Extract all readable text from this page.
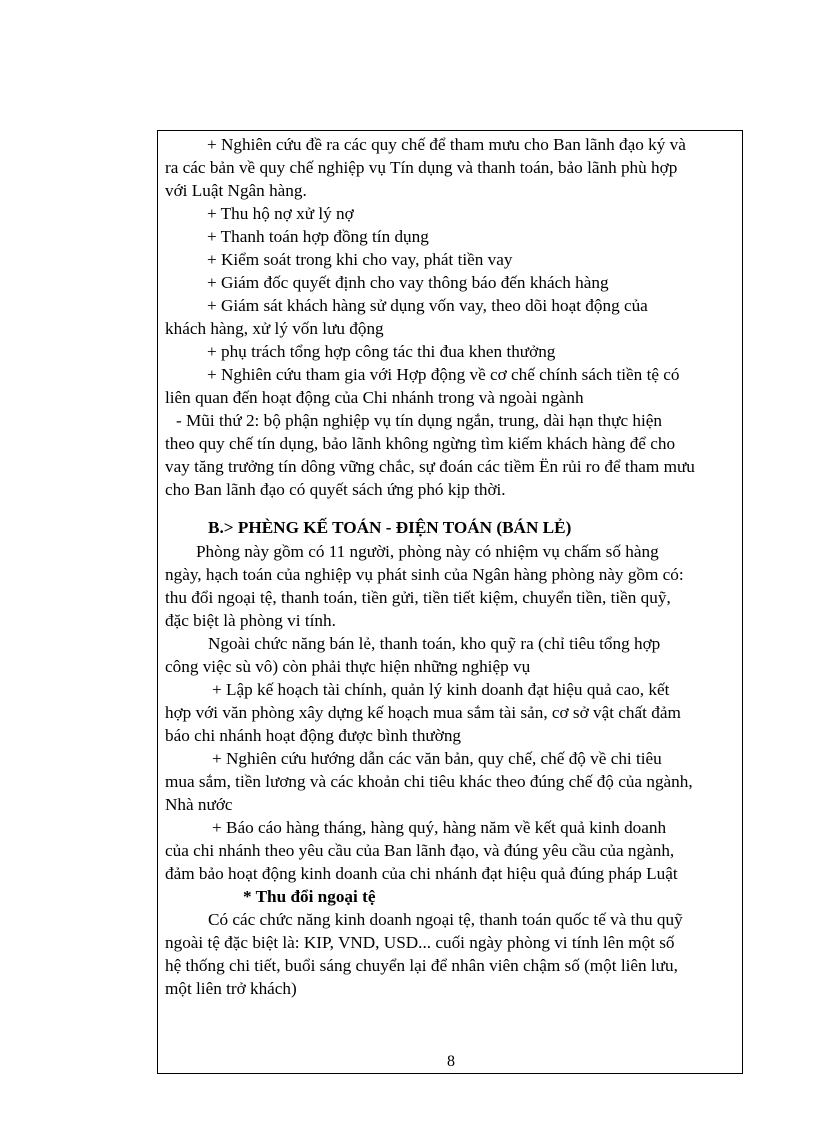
+ Nghiên cứu đề ra các quy chế để tham mưu cho Ban lãnh đạo ký và
ra các bản về quy chế nghiệp vụ Tín dụng và thanh toán, bảo lãnh phù hợp
với Luật Ngân hàng.
+ Thu hộ nợ xử lý nợ
+ Thanh toán hợp đồng tín dụng
+ Kiểm soát trong khi cho vay, phát tiền vay
+ Giám đốc quyết định cho vay thông báo đến khách hàng
+ Giám sát khách hàng sử dụng vốn vay, theo dõi hoạt động của
khách hàng, xử lý vốn lưu động
+ phụ trách tổng hợp công tác thi đua khen thưởng
+ Nghiên cứu tham gia với Hợp động về cơ chế chính sách tiền tệ có
liên quan đến hoạt động của Chi nhánh trong và ngoài ngành
- Mũi thứ 2: bộ phận nghiệp vụ tín dụng ngắn, trung, dài hạn thực hiện
theo quy chế tín dụng, bảo lãnh không ngừng tìm kiếm khách hàng để cho
vay tăng trưởng tín dông vững chắc, sự đoán các tiềm Ën rủi ro để tham mưu
cho Ban lãnh đạo có quyết sách ứng phó kịp thời.
B.> PHÈNG KẾ TOÁN - ĐIỆN TOÁN (BÁN LẺ)
Phòng này gồm có 11 người, phòng này có nhiệm vụ chấm số hàng
ngày, hạch toán của nghiệp vụ phát sinh của Ngân hàng phòng này gồm có:
thu đổi ngoại tệ, thanh toán, tiền gửi, tiền tiết kiệm, chuyển tiền, tiền quỹ,
đặc biệt là phòng vi tính.
Ngoài chức năng bán lẻ, thanh toán, kho quỹ ra (chỉ tiêu tổng hợp
công việc sù vô) còn phải thực hiện những nghiệp vụ
+ Lập kế hoạch tài chính, quản lý kinh doanh đạt hiệu quả cao, kết
hợp với văn phòng xây dựng kế hoạch mua sắm tài sản, cơ sở vật chất đảm
báo chi nhánh hoạt động được bình thường
+ Nghiên cứu hướng dẫn các văn bản, quy chế, chế độ về chi tiêu
mua sắm, tiền lương và các khoản chi tiêu khác theo đúng chế độ của ngành,
Nhà nước
+ Báo cáo hàng tháng, hàng quý, hàng năm về kết quả kinh doanh
của chi nhánh theo yêu cầu của Ban lãnh đạo, và đúng yêu cầu của ngành,
đảm bảo hoạt động kinh doanh của chi nhánh đạt hiệu quả đúng pháp Luật
* Thu đổi ngoại tệ
Có các chức năng kinh doanh ngoại tệ, thanh toán quốc tế và thu quỹ
ngoài tệ đặc biệt là: KIP, VND, USD... cuối ngày phòng vi tính lên một số
hệ thống chi tiết, buổi sáng chuyển lại để nhân viên chậm số (một liên lưu,
một liên trở khách)
8
